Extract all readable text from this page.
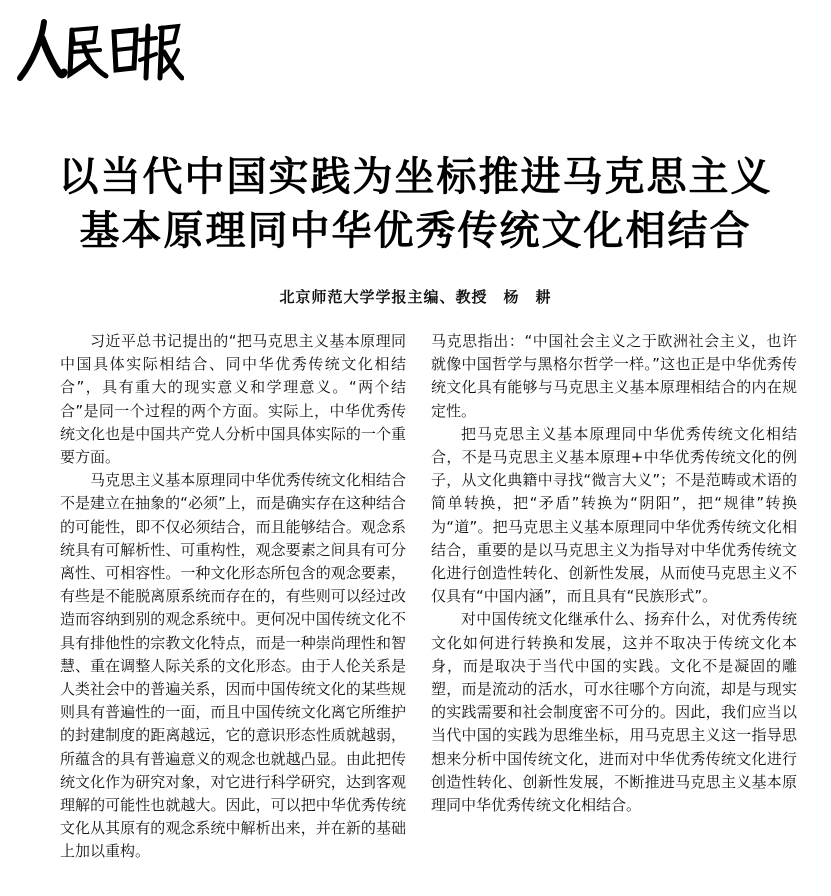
以当代中国实践为坐标推进马克思主义
基本原理同中华优秀传统文化相结合
北京师范大学学报主编、教授 杨　耕

习近平总书记提出的“把马克思主义基本原理同中国具体实际相结合、同中华优秀传统文化相结合”，具有重大的现实意义和学理意义。“两个结合”是同一个过程的两个方面。实际上，中华优秀传统文化也是中国共产党人分析中国具体实际的一个重要方面。

马克思主义基本原理同中华优秀传统文化相结合不是建立在抽象的“必须”上，而是确实存在这种结合的可能性，即不仅必须结合，而且能够结合。观念系统具有可解析性、可重构性，观念要素之间具有可分离性、可相容性。一种文化形态所包含的观念要素，有些是不能脱离原系统而存在的，有些则可以经过改造而容纳到别的观念系统中。更何况中国传统文化不具有排他性的宗教文化特点，而是一种崇尚理性和智慧、重在调整人际关系的文化形态。由于人伦关系是人类社会中的普遍关系，因而中国传统文化的某些规则具有普遍性的一面，而且中国传统文化离它所维护的封建制度的距离越远，它的意识形态性质就越弱，所蕴含的具有普遍意义的观念也就越凸显。由此把传统文化作为研究对象，对它进行科学研究，达到客观理解的可能性也就越大。因此，可以把中华优秀传统文化从其原有的观念系统中解析出来，并在新的基础上加以重构。

马克思指出：“中国社会主义之于欧洲社会主义，也许就像中国哲学与黑格尔哲学一样。”这也正是中华优秀传统文化具有能够与马克思主义基本原理相结合的内在规定性。

把马克思主义基本原理同中华优秀传统文化相结合，不是马克思主义基本原理+中华优秀传统文化的例子，从文化典籍中寻找“微言大义”；不是范畴或术语的简单转换，把“矛盾”转换为“阴阳”，把“规律”转换为“道”。把马克思主义基本原理同中华优秀传统文化相结合，重要的是以马克思主义为指导对中华优秀传统文化进行创造性转化、创新性发展，从而使马克思主义不仅具有“中国内涵”，而且具有“民族形式”。

对中国传统文化继承什么、扬弃什么，对优秀传统文化如何进行转换和发展，这并不取决于传统文化本身，而是取决于当代中国的实践。文化不是凝固的雕塑，而是流动的活水，可水往哪个方向流，却是与现实的实践需要和社会制度密不可分的。因此，我们应当以当代中国的实践为思维坐标，用马克思主义这一指导思想来分析中国传统文化，进而对中华优秀传统文化进行创造性转化、创新性发展，不断推进马克思主义基本原理同中华优秀传统文化相结合。
